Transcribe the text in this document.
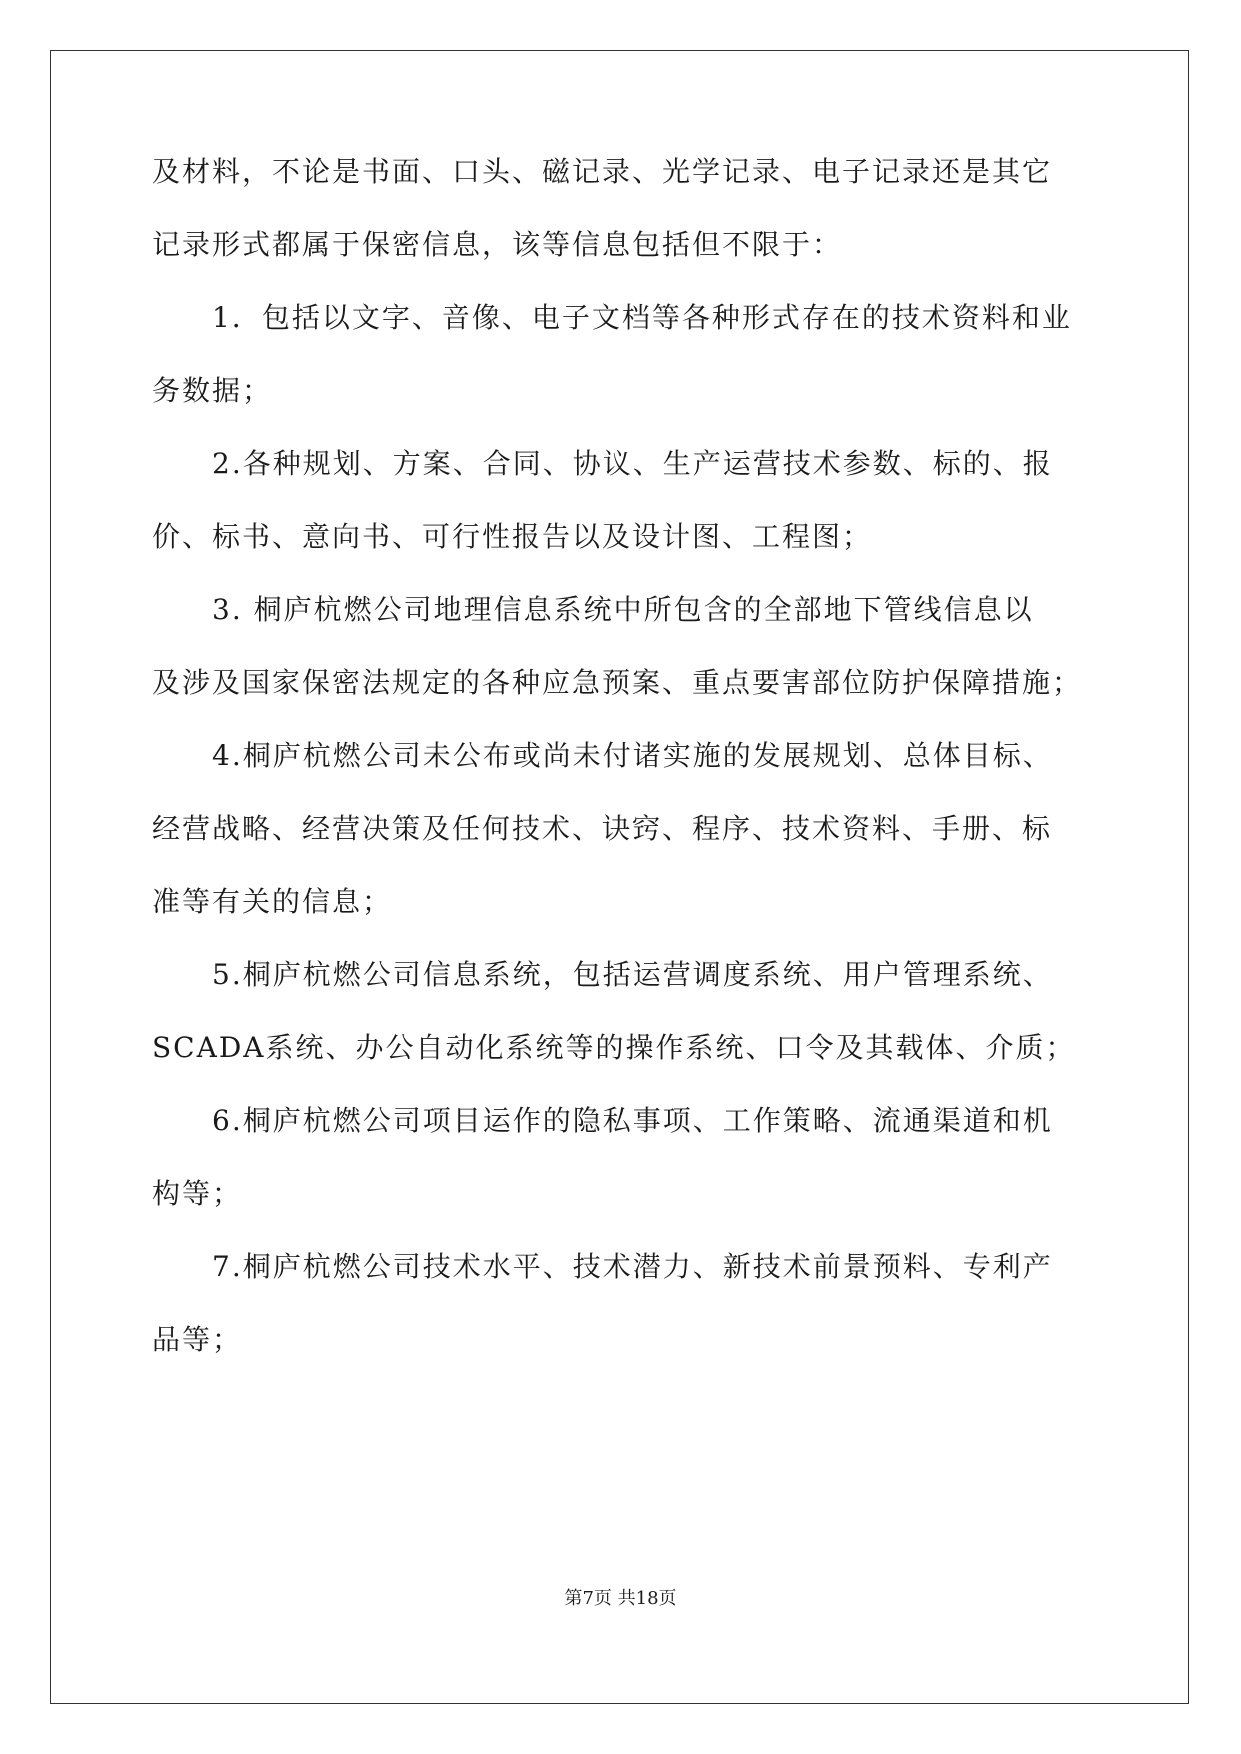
及材料，不论是书面、口头、磁记录、光学记录、电子记录还是其它
记录形式都属于保密信息，该等信息包括但不限于：
1．包括以文字、音像、电子文档等各种形式存在的技术资料和业
务数据；
2.各种规划、方案、合同、协议、生产运营技术参数、标的、报
价、标书、意向书、可行性报告以及设计图、工程图；
3. 桐庐杭燃公司地理信息系统中所包含的全部地下管线信息以
及涉及国家保密法规定的各种应急预案、重点要害部位防护保障措施；
4.桐庐杭燃公司未公布或尚未付诸实施的发展规划、总体目标、
经营战略、经营决策及任何技术、诀窍、程序、技术资料、手册、标
准等有关的信息；
5.桐庐杭燃公司信息系统，包括运营调度系统、用户管理系统、
SCADA系统、办公自动化系统等的操作系统、口令及其载体、介质；
6.桐庐杭燃公司项目运作的隐私事项、工作策略、流通渠道和机
构等；
7.桐庐杭燃公司技术水平、技术潜力、新技术前景预料、专利产
品等；
第7页 共18页
